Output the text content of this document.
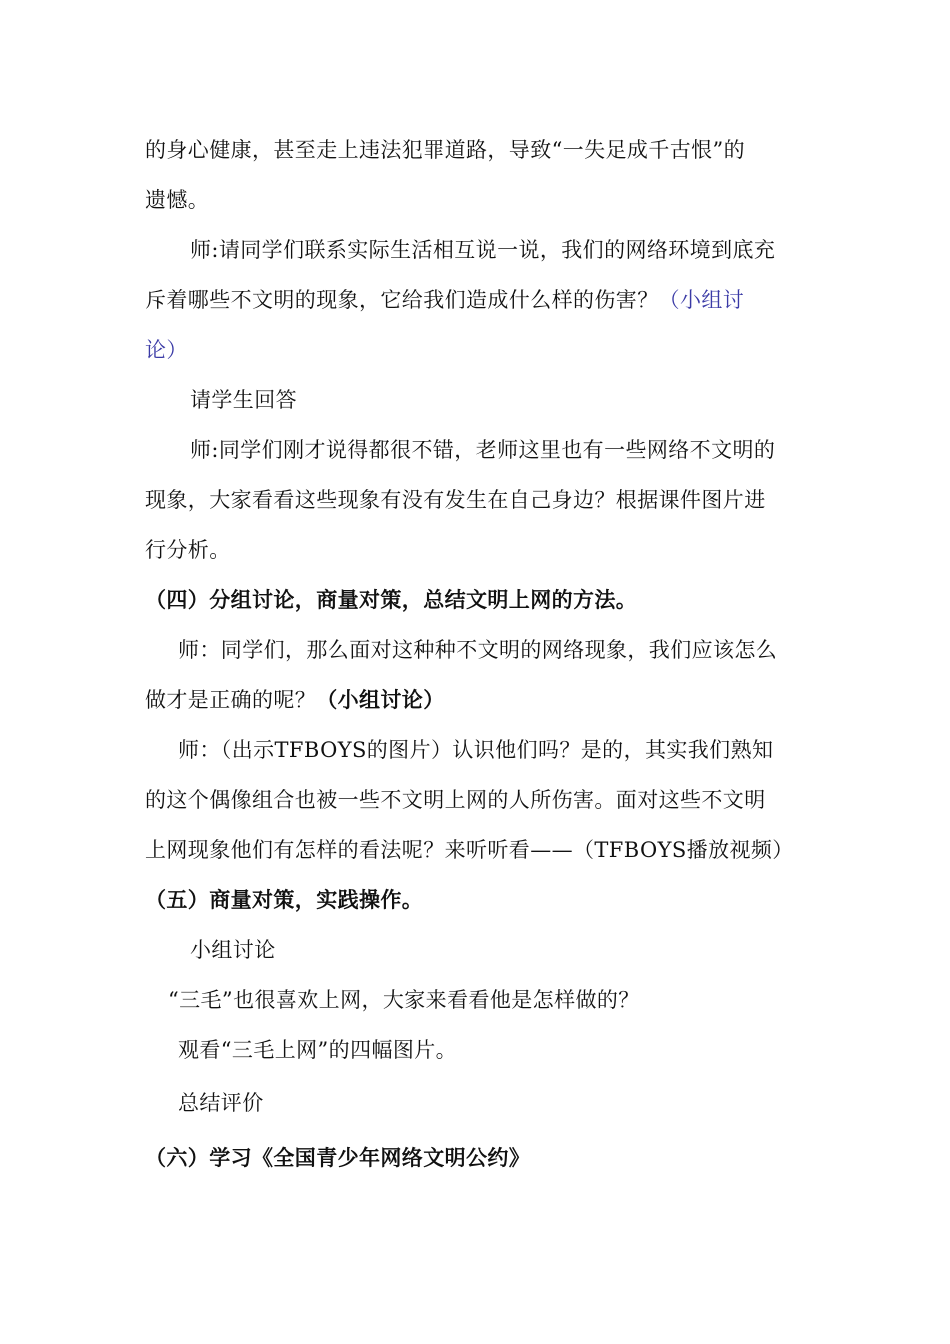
的身心健康，甚至走上违法犯罪道路，导致“一失足成千古恨”的
遗憾。
师:请同学们联系实际生活相互说一说，我们的网络环境到底充
斥着哪些不文明的现象，它给我们造成什么样的伤害？（小组讨
论）
请学生回答
师:同学们刚才说得都很不错，老师这里也有一些网络不文明的
现象，大家看看这些现象有没有发生在自己身边？根据课件图片进
行分析。
（四）分组讨论，商量对策，总结文明上网的方法。
师：同学们，那么面对这种种不文明的网络现象，我们应该怎么
做才是正确的呢？（小组讨论）
师：（出示TFBOYS的图片）认识他们吗？是的，其实我们熟知
的这个偶像组合也被一些不文明上网的人所伤害。面对这些不文明
上网现象他们有怎样的看法呢？来听听看——（TFBOYS播放视频）
（五）商量对策，实践操作。
小组讨论
“三毛”也很喜欢上网，大家来看看他是怎样做的？
观看“三毛上网”的四幅图片。
总结评价
（六）学习《全国青少年网络文明公约》
